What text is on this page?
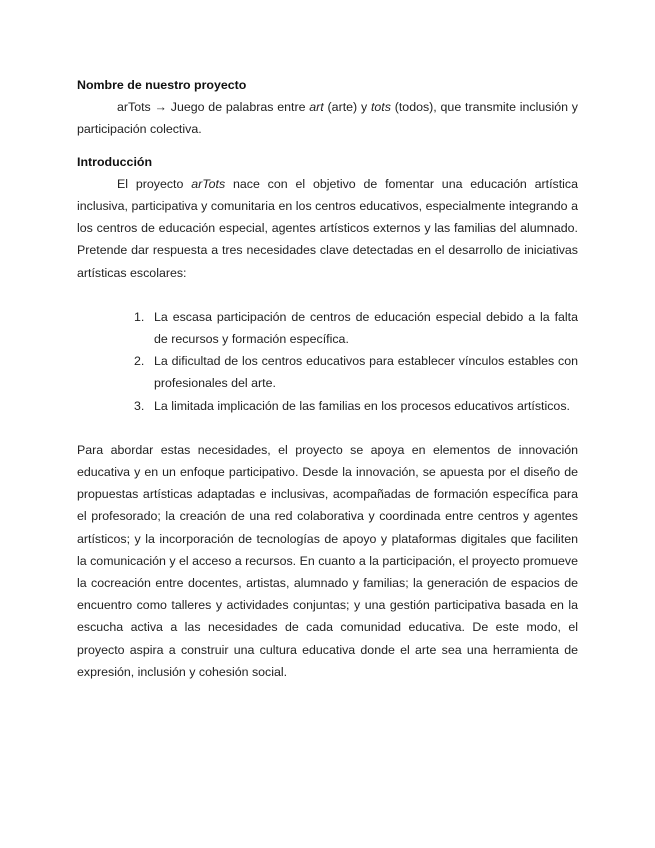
Nombre de nuestro proyecto

arTots → Juego de palabras entre art (arte) y tots (todos), que transmite inclusión y participación colectiva.

Introducción

El proyecto arTots nace con el objetivo de fomentar una educación artística inclusiva, participativa y comunitaria en los centros educativos, especialmente integrando a los centros de educación especial, agentes artísticos externos y las familias del alumnado. Pretende dar respuesta a tres necesidades clave detectadas en el desarrollo de iniciativas artísticas escolares:

1. La escasa participación de centros de educación especial debido a la falta de recursos y formación específica.
2. La dificultad de los centros educativos para establecer vínculos estables con profesionales del arte.
3. La limitada implicación de las familias en los procesos educativos artísticos.

Para abordar estas necesidades, el proyecto se apoya en elementos de innovación educativa y en un enfoque participativo. Desde la innovación, se apuesta por el diseño de propuestas artísticas adaptadas e inclusivas, acompañadas de formación específica para el profesorado; la creación de una red colaborativa y coordinada entre centros y agentes artísticos; y la incorporación de tecnologías de apoyo y plataformas digitales que faciliten la comunicación y el acceso a recursos. En cuanto a la participación, el proyecto promueve la cocreación entre docentes, artistas, alumnado y familias; la generación de espacios de encuentro como talleres y actividades conjuntas; y una gestión participativa basada en la escucha activa a las necesidades de cada comunidad educativa. De este modo, el proyecto aspira a construir una cultura educativa donde el arte sea una herramienta de expresión, inclusión y cohesión social.
